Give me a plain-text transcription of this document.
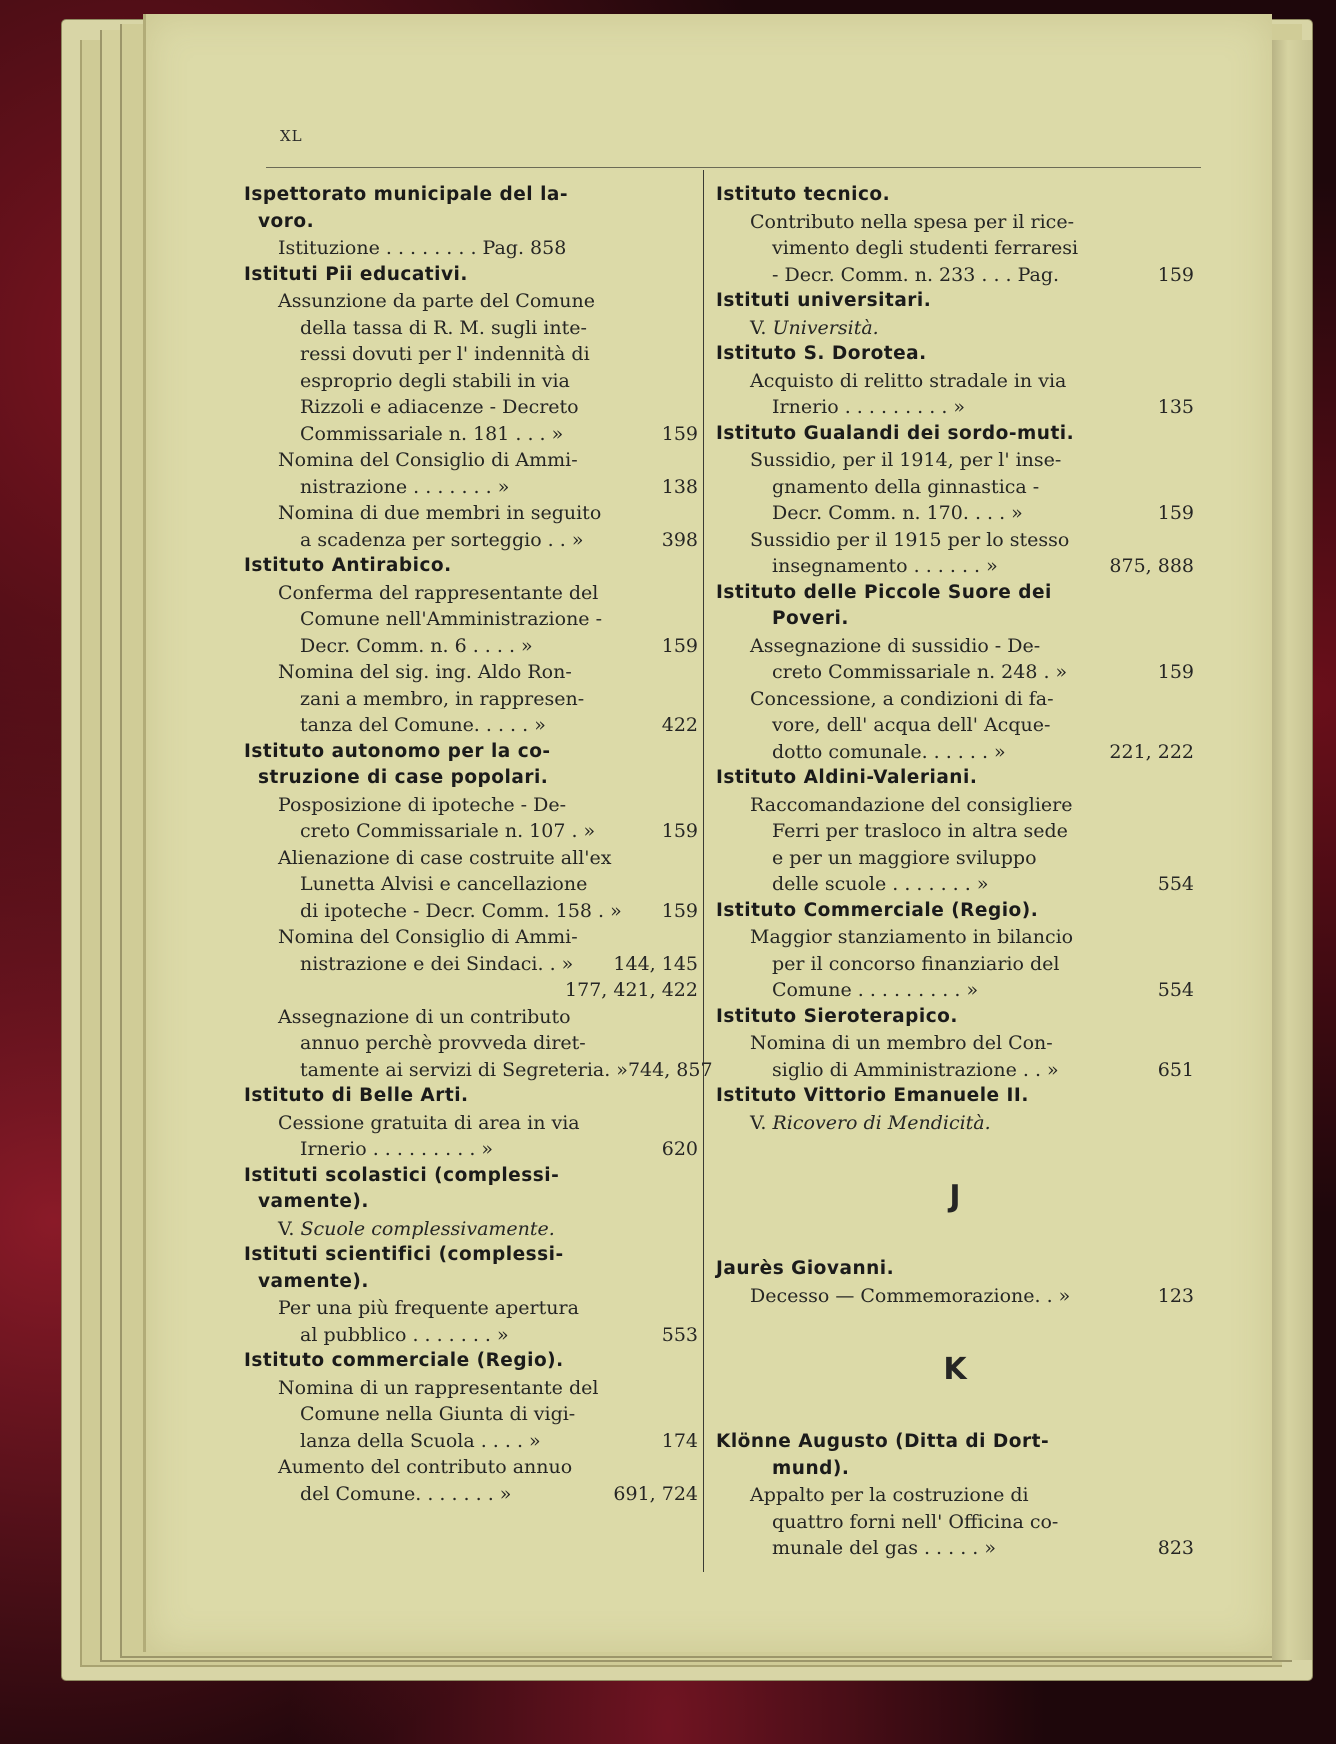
XL
Ispettorato municipale del la-
voro.
Istituzione . . . . . . . . Pag. 858
Istituti Pii educativi.
Assunzione da parte del Comune
della tassa di R. M. sugli inte-
ressi dovuti per l' indennità di
esproprio degli stabili in via
Rizzoli e adiacenze - Decreto
Commissariale n. 181 . . . »	159
Nomina del Consiglio di Ammi-
nistrazione . . . . . . . »	138
Nomina di due membri in seguito
a scadenza per sorteggio . . »	398
Istituto Antirabico.
Conferma del rappresentante del
Comune nell'Amministrazione -
Decr. Comm. n. 6 . . . . »	159
Nomina del sig. ing. Aldo Ron-
zani a membro, in rappresen-
tanza del Comune. . . . . »	422
Istituto autonomo per la co-
struzione di case popolari.
Posposizione di ipoteche - De-
creto Commissariale n. 107 . »	159
Alienazione di case costruite all'ex
Lunetta Alvisi e cancellazione
di ipoteche - Decr. Comm. 158 . » 159
Nomina del Consiglio di Ammi-
nistrazione e dei Sindaci. . » 144, 145
177, 421, 422
Assegnazione di un contributo
annuo perchè provveda diret-
tamente ai servizi di Segreteria. » 744, 857
Istituto di Belle Arti.
Cessione gratuita di area in via
Irnerio . . . . . . . . . »	620
Istituti scolastici (complessi-
vamente).
V. Scuole complessivamente.
Istituti scientifici (complessi-
vamente).
Per una più frequente apertura
al pubblico . . . . . . . »	553
Istituto commerciale (Regio).
Nomina di un rappresentante del
Comune nella Giunta di vigi-
lanza della Scuola . . . . »	174
Aumento del contributo annuo
del Comune. . . . . . . »	691, 724
Istituto tecnico.
Contributo nella spesa per il rice-
vimento degli studenti ferraresi
- Decr. Comm. n. 233 . . . Pag.	159
Istituti universitari.
V. Università.
Istituto S. Dorotea.
Acquisto di relitto stradale in via
Irnerio . . . . . . . . . »	135
Istituto Gualandi dei sordo-muti.
Sussidio, per il 1914, per l' inse-
gnamento della ginnastica -
Decr. Comm. n. 170. . . . »	159
Sussidio per il 1915 per lo stesso
insegnamento . . . . . . »	875, 888
Istituto delle Piccole Suore dei
Poveri.
Assegnazione di sussidio - De-
creto Commissariale n. 248 . »	159
Concessione, a condizioni di fa-
vore, dell' acqua dell' Acque-
dotto comunale. . . . . . »	221, 222
Istituto Aldini-Valeriani.
Raccomandazione del consigliere
Ferri per trasloco in altra sede
e per un maggiore sviluppo
delle scuole . . . . . . . »	554
Istituto Commerciale (Regio).
Maggior stanziamento in bilancio
per il concorso finanziario del
Comune . . . . . . . . . »	554
Istituto Sieroterapico.
Nomina di un membro del Con-
siglio di Amministrazione . . »	651
Istituto Vittorio Emanuele II.
V. Ricovero di Mendicità.
J
Jaurès Giovanni.
Decesso — Commemorazione. . »	123
K
Klönne Augusto (Ditta di Dort-
mund).
Appalto per la costruzione di
quattro forni nell' Officina co-
munale del gas . . . . . »	823
